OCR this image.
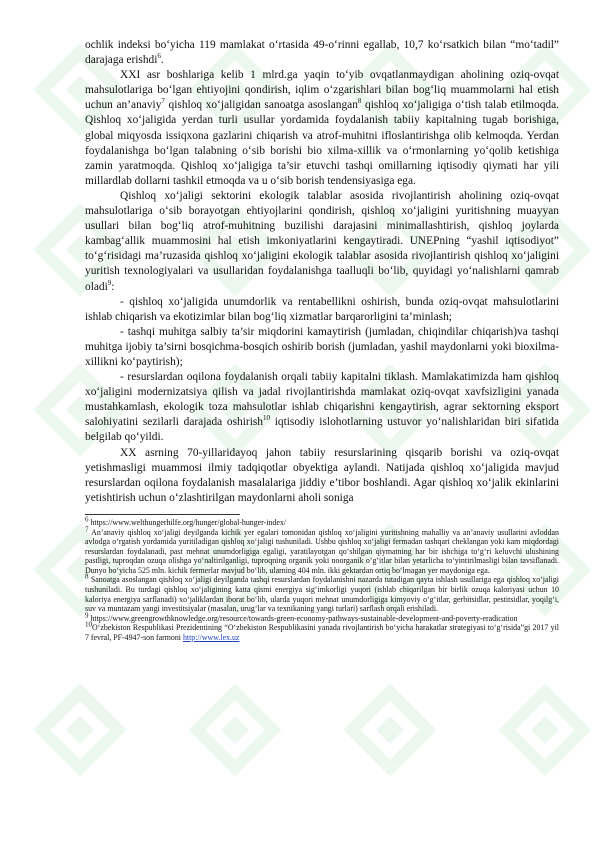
ochlik indeksi bo‘yicha 119 mamlakat o‘rtasida 49-o‘rinni egallab, 10,7 ko‘rsatkich bilan “mo‘tadil” darajaga erishdi$^6$.

XXI asr boshlariga kelib 1 mlrd.ga yaqin to‘yib ovqatlanmaydigan aholining oziq-ovqat mahsulotlariga bo‘lgan ehtiyojini qondirish, iqlim o‘zgarishlari bilan bog‘liq muammolarni hal etish uchun an’anaviy$^7$ qishloq xo‘jaligidan sanoatga asoslangan$^8$ qishloq xo‘jaligiga o‘tish talab etilmoqda. Qishloq xo‘jaligida yerdan turli usullar yordamida foydalanish tabiiy kapitalning tugab borishiga, global miqyosda issiqxona gazlarini chiqarish va atrof-muhitni ifloslantirishga olib kelmoqda. Yerdan foydalanishga bo‘lgan talabning o‘sib borishi bio xilma-xillik va o‘rmonlarning yo‘qolib ketishiga zamin yaratmoqda. Qishloq xo‘jaligiga ta’sir etuvchi tashqi omillarning iqtisodiy qiymati har yili millardlab dollarni tashkil etmoqda va u o‘sib borish tendensiyasiga ega.

Qishloq xo‘jaligi sektorini ekologik talablar asosida rivojlantirish aholining oziq-ovqat mahsulotlariga o‘sib borayotgan ehtiyojlarini qondirish, qishloq xo‘jaligini yuritishning muayyan usullari bilan bog‘liq atrof-muhitning buzilishi darajasini minimallashtirish, qishloq joylarda kambag‘allik muammosini hal etish imkoniyatlarini kengaytiradi. UNEPning “yashil iqtisodiyot” to‘g‘risidagi ma’ruzasida qishloq xo‘jaligini ekologik talablar asosida rivojlantirish qishloq xo‘jaligini yuritish texnologiyalari va usullaridan foydalanishga taalluqli bo‘lib, quyidagi yo‘nalishlarni qamrab oladi$^9$:

- qishloq xo‘jaligida unumdorlik va rentabellikni oshirish, bunda oziq-ovqat mahsulotlarini ishlab chiqarish va ekotizimlar bilan bog‘liq xizmatlar barqarorligini ta’minlash;

- tashqi muhitga salbiy ta’sir miqdorini kamaytirish (jumladan, chiqindilar chiqarish)va tashqi muhitga ijobiy ta’sirni bosqichma-bosqich oshirib borish (jumladan, yashil maydonlarni yoki bioxilma-xillikni ko‘paytirish);

- resurslardan oqilona foydalanish orqali tabiiy kapitalni tiklash. Mamlakatimizda ham qishloq xo‘jaligini modernizatsiya qilish va jadal rivojlantirishda mamlakat oziq-ovqat xavfsizligini yanada mustahkamlash, ekologik toza mahsulotlar ishlab chiqarishni kengaytirish, agrar sektorning eksport salohiyatini sezilarli darajada oshirish$^{10}$ iqtisodiy islohotlarning ustuvor yo‘nalishlaridan biri sifatida belgilab qo‘yildi.

XX asrning 70-yillaridayoq jahon tabiiy resurslarining qisqarib borishi va oziq-ovqat yetishmasligi muammosi ilmiy tadqiqotlar obyektiga aylandi. Natijada qishloq xo‘jaligida mavjud resurslardan oqilona foydalanish masalalariga jiddiy e’tibor boshlandi. Agar qishloq xo‘jalik ekinlarini yetishtirish uchun o‘zlashtirilgan maydonlarni aholi soniga

$^6$ https://www.welthungerhilfe.org/hunger/global-hunger-index/

$^7$ An’anaviy qishloq xo‘jaligi deyilganda kichik yer egalari tomonidan qishloq xo‘jaligini yuritishning mahalliy va an’anaviy usullarini avloddan avlodga o‘rgatish yordamida yuritiladigan qishloq xo‘jaligi tushuniladi. Ushbu qishloq xo‘jaligi fermadan tashqari cheklangan yoki kam miqdordagi resurslardan foydalanadi, past mehnat unumdorligiga egaligi, yaratilayotgan qo‘shilgan qiymatning har bir ishchiga to‘g‘ri keluvchi ulushining pastligi, tuproqdan ozuqa olishga yo‘naltirilganligi, tuproqning organik yoki noorganik o‘g‘itlar bilan yetarlicha to‘yintirilmasligi bilan tavsiflanadi. Dunyo bo‘yicha 525 mln. kichik fermerlar mavjud bo‘lib, ularning 404 mln. ikki gektardan ortiq bo‘lmagan yer maydoniga ega.

$^8$ Sanoatga asoslangan qishloq xo‘jaligi deyilganda tashqi resurslardan foydalanishni nazarda tutadigan qayta ishlash usullariga ega qishloq xo‘jaligi tushuniladi. Bu turdagi qishloq xo‘jaligining katta qismi energiya sig‘imkorligi yuqori (ishlab chiqarilgan bir birlik ozuqa kaloriyasi uchun 10 kaloriya energiya sarflanadi) xo‘jaliklardan iborat bo‘lib, ularda yuqori mehnat unumdorligiga kimyoviy o‘g‘itlar, gerbitsidlar, pestitsidlar, yoqilg‘i, suv va muntazam yangi investitsiyalar (masalan, urug‘lar va texnikaning yangi turlari) sarflash orqali erishiladi.

$^9$ https://www.greengrowthknowledge.org/resource/towards-green-economy-pathways-sustainable-development-and-poverty-eradication

$^{10}$O‘zbekiston Respublikasi Prezidentining “O‘zbekiston Respublikasini yanada rivojlantirish bo‘yicha harakatlar strategiyasi to‘g‘risida”gi 2017 yil 7 fevral, PF-4947-son farmoni http://www.lex.uz
